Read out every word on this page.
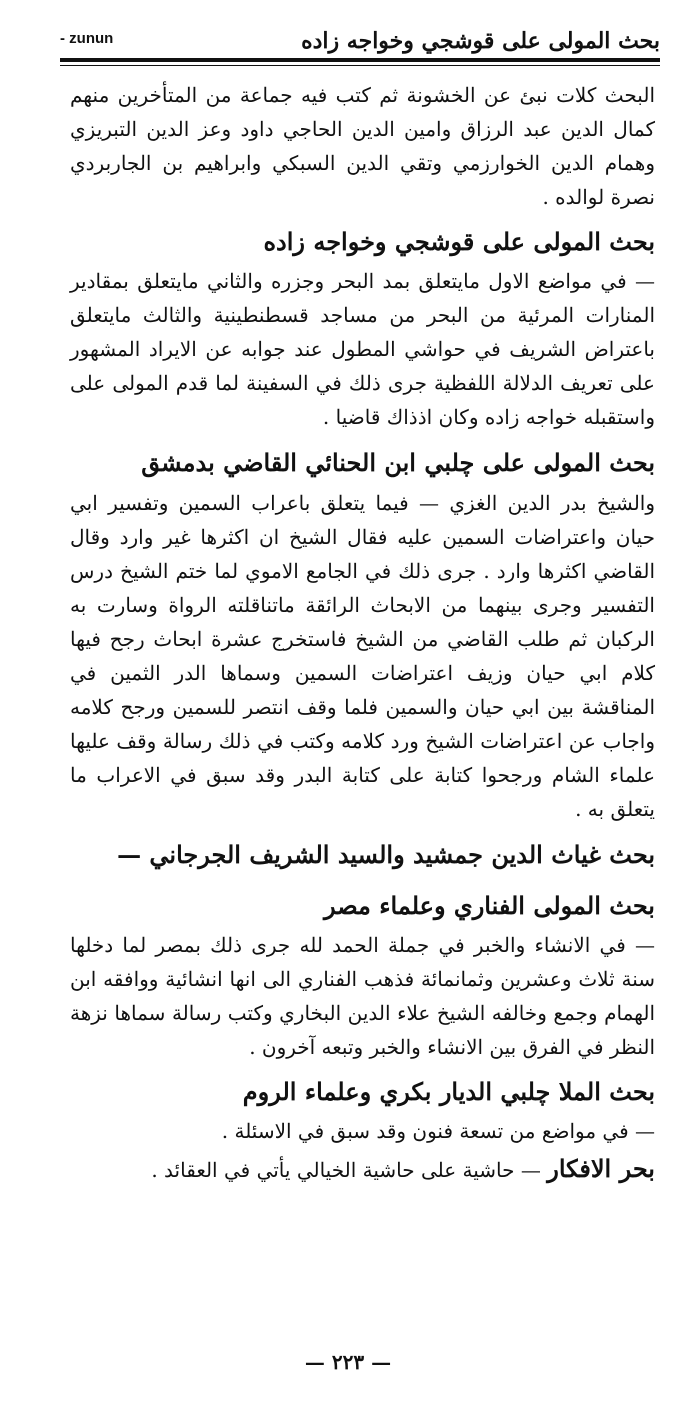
بحث المولى على قوشجي وخواجه زاده
- zunun

البحث كلات نبئ عن الخشونة ثم كتب فيه جماعة من المتأخرين منهم كمال الدين عبد الرزاق وامين الدين الحاجي داود وعز الدين التبريزي وهمام الدين الخوارزمي وتقي الدين السبكي وابراهيم بن الجاربردي نصرة لوالده .

بحث المولى على قوشجي وخواجه زاده

— في مواضع الاول مايتعلق بمد البحر وجزره والثاني مايتعلق بمقادير المنارات المرئية من البحر من مساجد قسطنطينية والثالث مايتعلق باعتراض الشريف في حواشي المطول عند جوابه عن الايراد المشهور على تعريف الدلالة اللفظية جرى ذلك في السفينة لما قدم المولى على واستقبله خواجه زاده وكان اذذاك قاضيا .

بحث المولى على چلبي ابن الحنائي القاضي بدمشق

والشيخ بدر الدين الغزي — فيما يتعلق باعراب السمين وتفسير ابي حيان واعتراضات السمين عليه فقال الشيخ ان اكثرها غير وارد وقال القاضي اكثرها وارد . جرى ذلك في الجامع الاموي لما ختم الشيخ درس التفسير وجرى بينهما من الابحاث الرائقة ماتناقلته الرواة وسارت به الركبان ثم طلب القاضي من الشيخ فاستخرج عشرة ابحاث رجح فيها كلام ابي حيان وزيف اعتراضات السمين وسماها الدر الثمين في المناقشة بين ابي حيان والسمين فلما وقف انتصر للسمين ورجح كلامه واجاب عن اعتراضات الشيخ ورد كلامه وكتب في ذلك رسالة وقف عليها علماء الشام ورجحوا كتابة على كتابة البدر وقد سبق في الاعراب ما يتعلق به .

بحث غياث الدين جمشيد والسيد الشريف الجرجاني —

بحث المولى الفناري وعلماء مصر

— في الانشاء والخبر في جملة الحمد لله جرى ذلك بمصر لما دخلها سنة ثلاث وعشرين وثمانمائة فذهب الفناري الى انها انشائية ووافقه ابن الهمام وجمع وخالفه الشيخ علاء الدين البخاري وكتب رسالة سماها نزهة النظر في الفرق بين الانشاء والخبر وتبعه آخرون .

بحث الملا چلبي الديار بكري وعلماء الروم

— في مواضع من تسعة فنون وقد سبق في الاسئلة .

بحر الافكار — حاشية على حاشية الخيالي يأتي في العقائد .

— ٢٢٣ —
